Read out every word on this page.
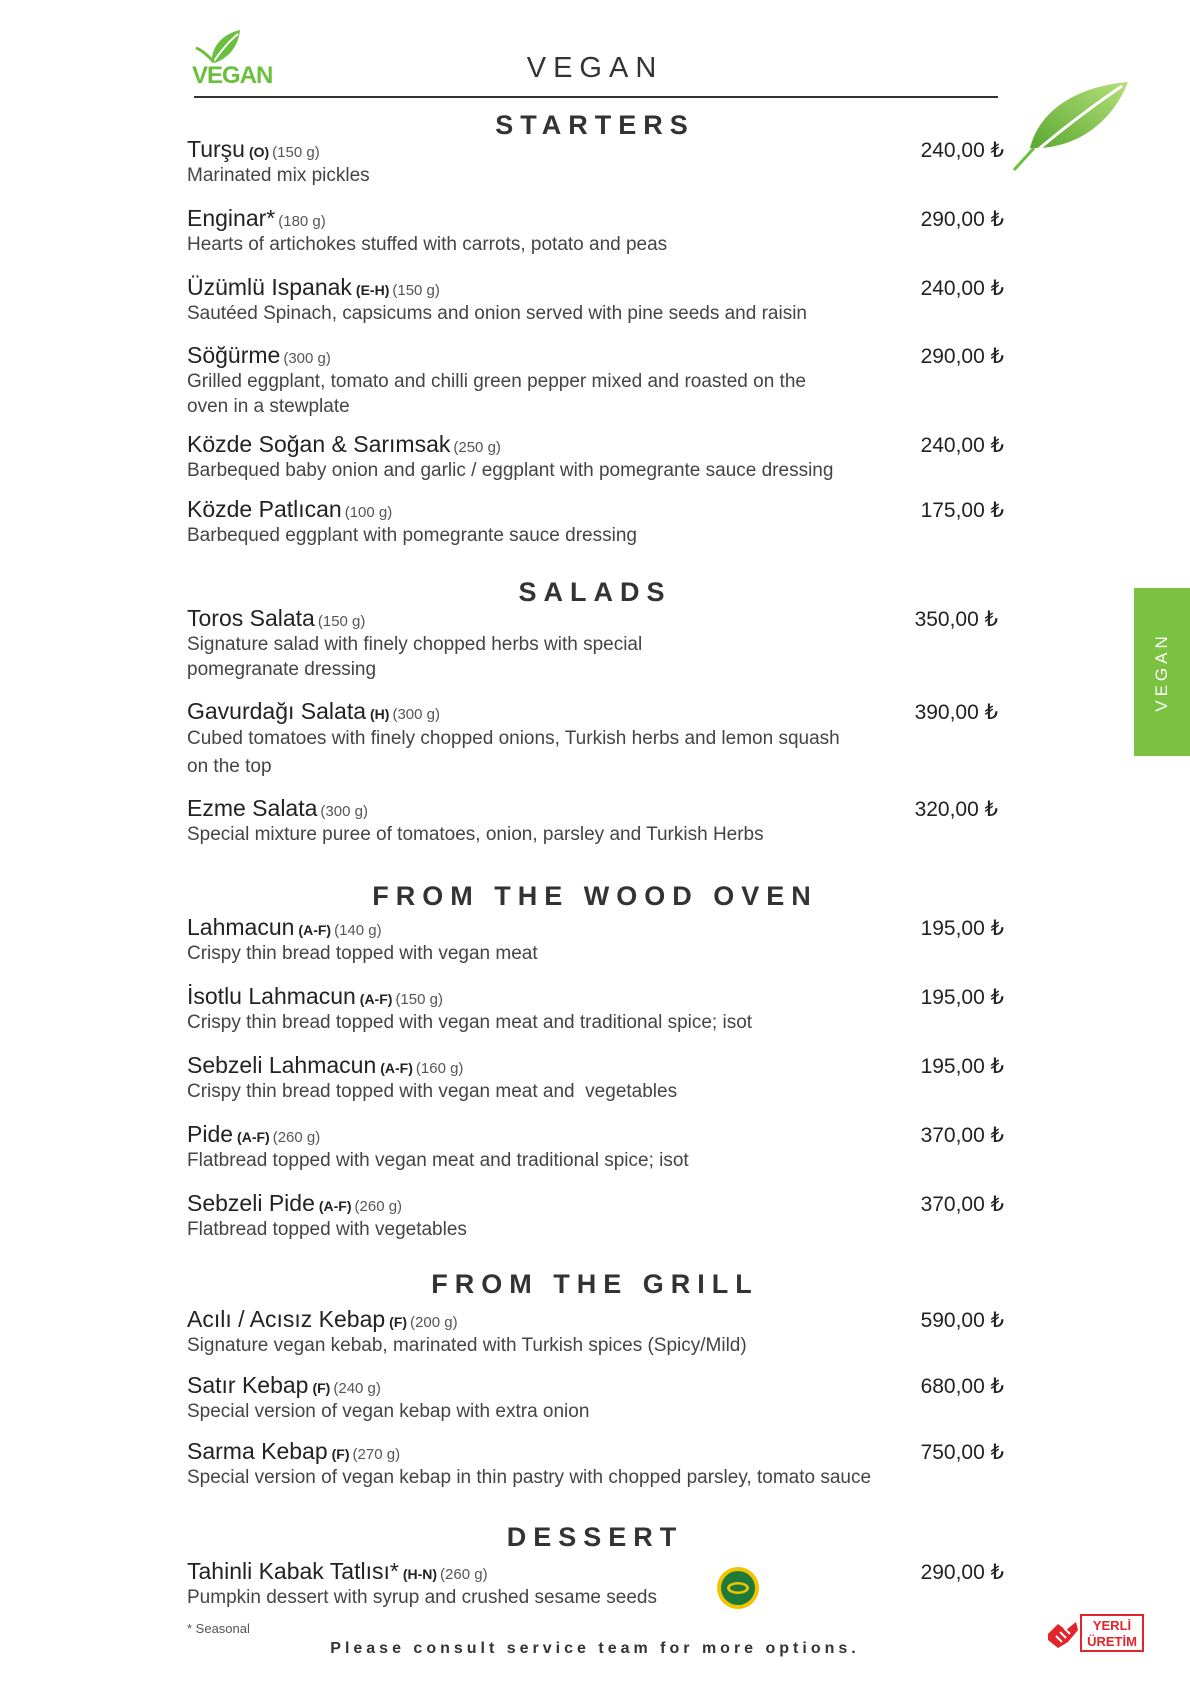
VEGAN	VEGAN
VEGAN
STARTERS
Turşu (O) (150 g)
Marinated mix pickles
240,00 ₺
Enginar* (180 g)
Hearts of artichokes stuffed with carrots, potato and peas
290,00 ₺
Üzümlü Ispanak (E-H) (150 g)
Sautéed Spinach, capsicums and onion served with pine seeds and raisin
240,00 ₺
Söğürme (300 g)
Grilled eggplant, tomato and chilli green pepper mixed and roasted on the oven in a stewplate
290,00 ₺
Közde Soğan & Sarımsak (250 g)
Barbequed baby onion and garlic / eggplant with pomegrante sauce dressing
240,00 ₺
Közde Patlıcan (100 g)
Barbequed eggplant with pomegrante sauce dressing
175,00 ₺
SALADS
Toros Salata (150 g)
Signature salad with finely chopped herbs with special pomegranate dressing
350,00 ₺
Gavurdağı Salata (H) (300 g)
Cubed tomatoes with finely chopped onions, Turkish herbs and lemon squash on the top
390,00 ₺
Ezme Salata (300 g)
Special mixture puree of tomatoes, onion, parsley and Turkish Herbs
320,00 ₺
FROM THE WOOD OVEN
Lahmacun (A-F) (140 g)
Crispy thin bread topped with vegan meat
195,00 ₺
İsotlu Lahmacun (A-F) (150 g)
Crispy thin bread topped with vegan meat and traditional spice; isot
195,00 ₺
Sebzeli Lahmacun (A-F) (160 g)
Crispy thin bread topped with vegan meat and  vegetables
195,00 ₺
Pide (A-F) (260 g)
Flatbread topped with vegan meat and traditional spice; isot
370,00 ₺
Sebzeli Pide (A-F) (260 g)
Flatbread topped with vegetables
370,00 ₺
FROM THE GRILL
Acılı / Acısız Kebap (F) (200 g)
Signature vegan kebab, marinated with Turkish spices (Spicy/Mild)
590,00 ₺
Satır Kebap (F) (240 g)
Special version of vegan kebap with extra onion
680,00 ₺
Sarma Kebap (F) (270 g)
Special version of vegan kebap in thin pastry with chopped parsley, tomato sauce
750,00 ₺
DESSERT
Tahinli Kabak Tatlısı* (H-N) (260 g)
Pumpkin dessert with syrup and crushed sesame seeds
290,00 ₺
* Seasonal
Please consult service team for more options.
YERLİ
ÜRETİM
